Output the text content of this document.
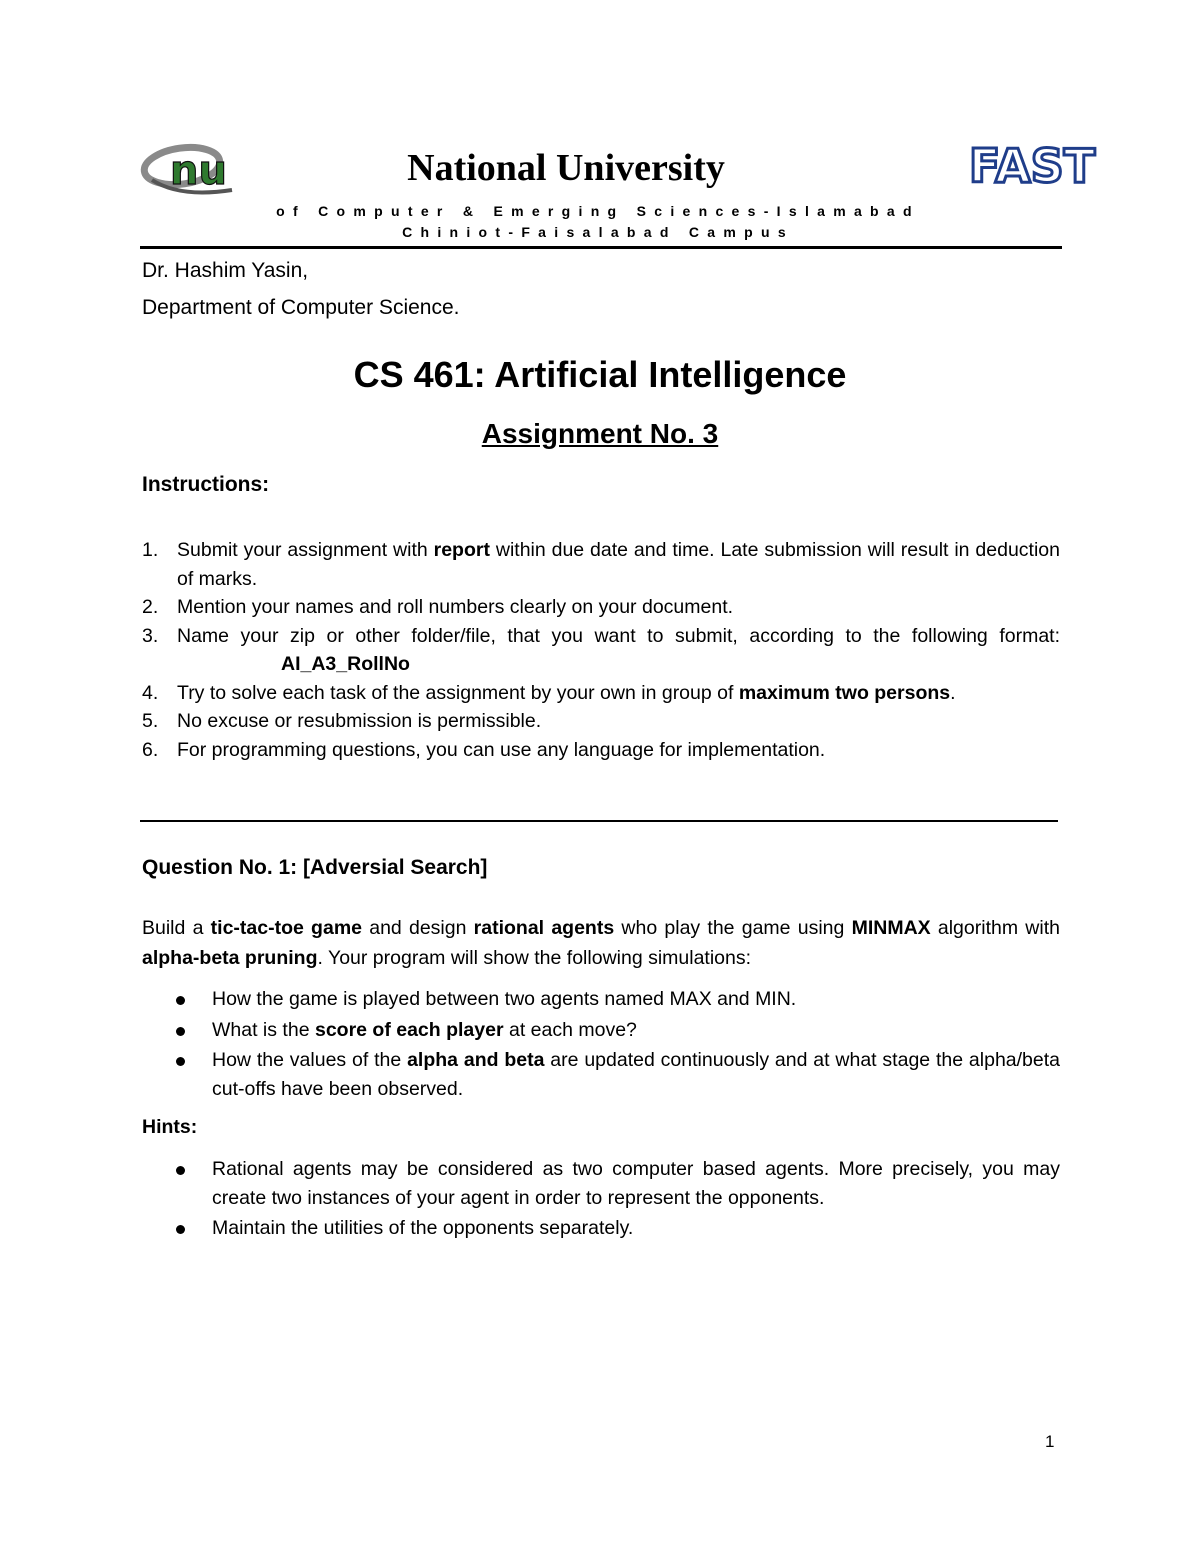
nu	National University	FAST
of Computer & Emerging Sciences-Islamabad
Chiniot-Faisalabad Campus
Dr. Hashim Yasin,
Department of Computer Science.
CS 461: Artificial Intelligence
Assignment No. 3
Instructions:
1. Submit your assignment with report within due date and time. Late submission will result in deduction of marks.
2. Mention your names and roll numbers clearly on your document.
3. Name your zip or other folder/file, that you want to submit, according to the following format:AI_A3_RollNo
4. Try to solve each task of the assignment by your own in group of maximum two persons.
5. No excuse or resubmission is permissible.
6. For programming questions, you can use any language for implementation.
Question No. 1: [Adversial Search]
Build a tic-tac-toe game and design rational agents who play the game using MINMAX algorithm with alpha-beta pruning. Your program will show the following simulations:
How the game is played between two agents named MAX and MIN.
What is the score of each player at each move?
How the values of the alpha and beta are updated continuously and at what stage the alpha/beta cut-offs have been observed.
Hints:
Rational agents may be considered as two computer based agents. More precisely, you may create two instances of your agent in order to represent the opponents.
Maintain the utilities of the opponents separately.
1
